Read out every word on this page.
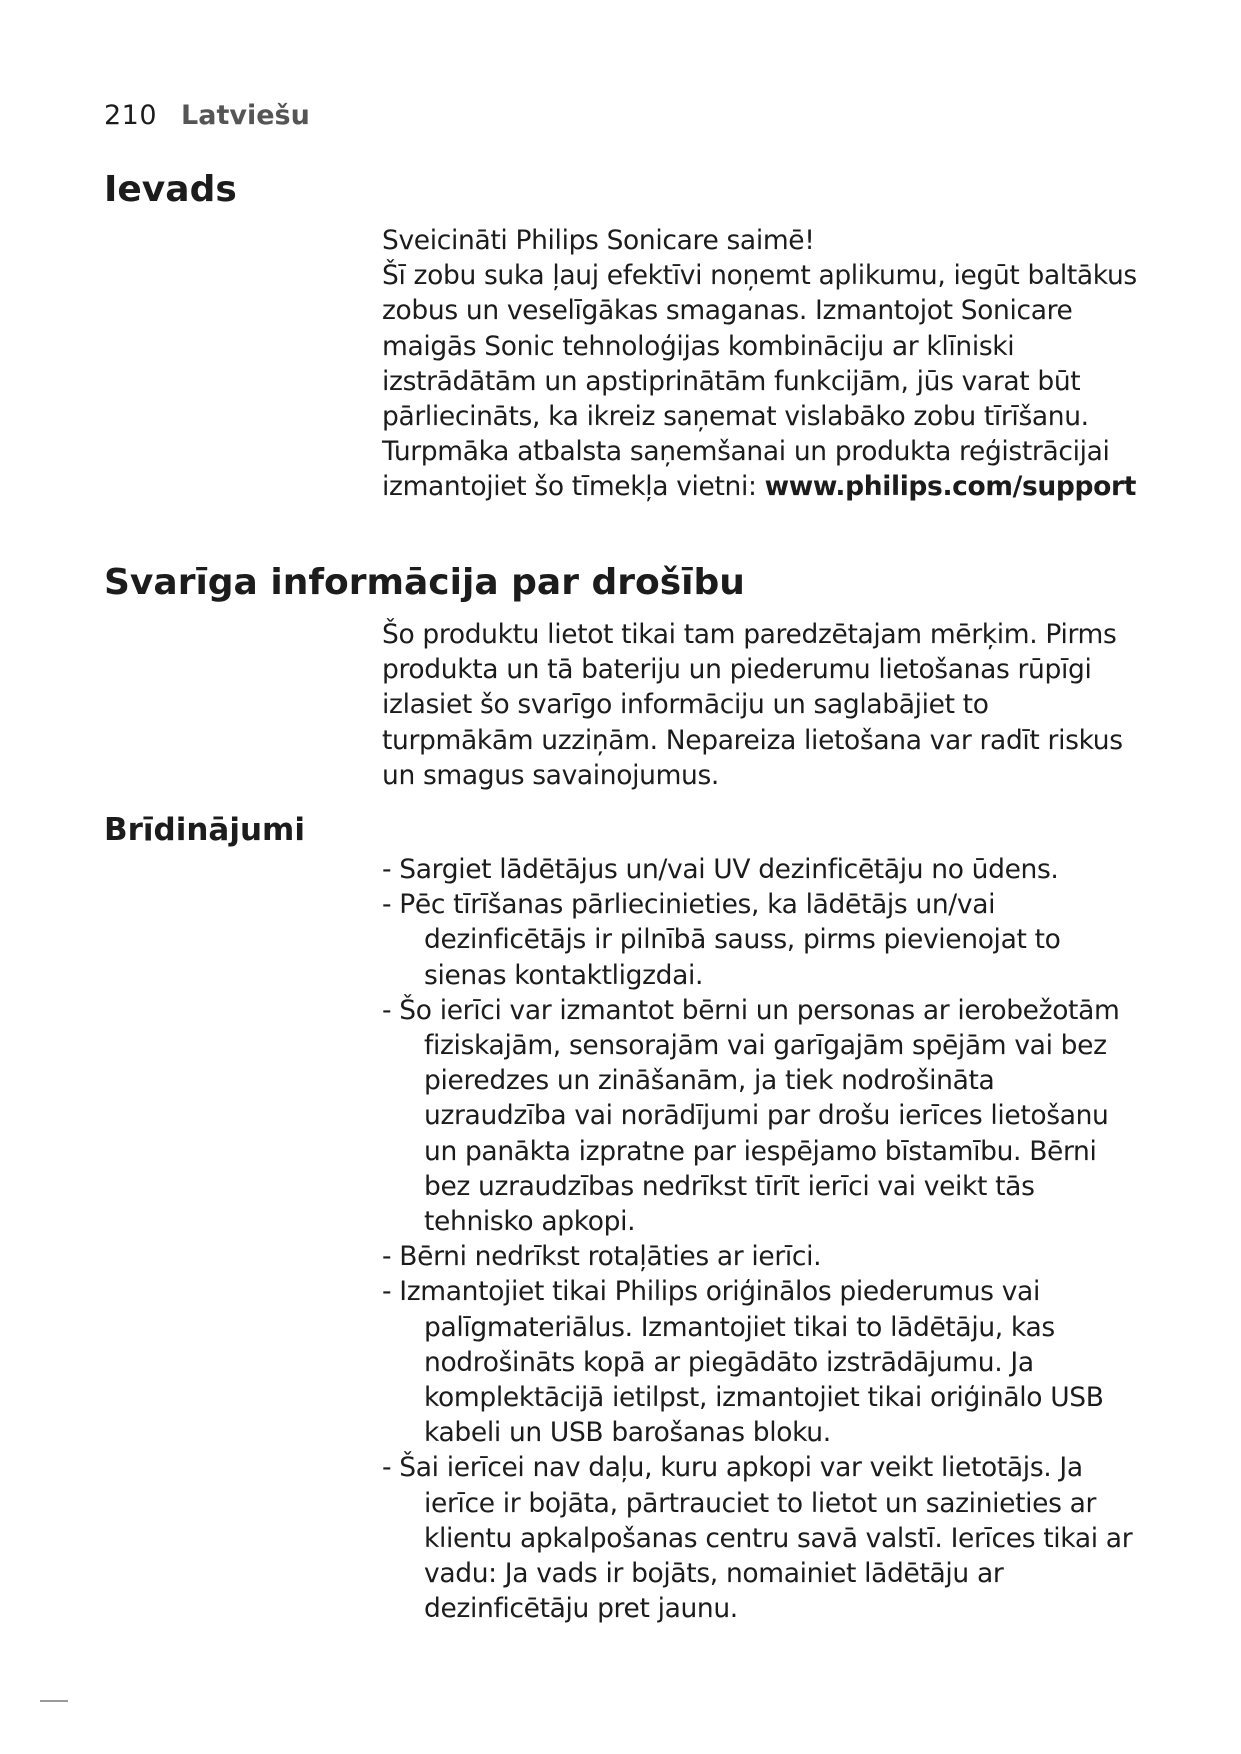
210 Latviešu
Ievads

Sveicināti Philips Sonicare saimē!

Šī zobu suka ļauj efektīvi noņemt aplikumu, iegūt baltākus zobus un veselīgākas smaganas. Izmantojot Sonicare maigās Sonic tehnoloģijas kombināciju ar klīniski izstrādātām un apstiprinātām funkcijām, jūs varat būt pārliecināts, ka ikreiz saņemat vislabāko zobu tīrīšanu.

Turpmāka atbalsta saņemšanai un produkta reģistrācijai izmantojiet šo tīmekļa vietni: www.philips.com/support

Svarīga informācija par drošību

Šo produktu lietot tikai tam paredzētajam mērķim. Pirms produkta un tā bateriju un piederumu lietošanas rūpīgi izlasiet šo svarīgo informāciju un saglabājiet to turpmākām uzziņām. Nepareiza lietošana var radīt riskus un smagus savainojumus.

Brīdinājumi
- Sargiet lādētājus un/vai UV dezinficētāju no ūdens.
- Pēc tīrīšanas pārliecinieties, ka lādētājs un/vai dezinficētājs ir pilnībā sauss, pirms pievienojat to sienas kontaktligzdai.
- Šo ierīci var izmantot bērni un personas ar ierobežotām fiziskajām, sensorajām vai garīgajām spējām vai bez pieredzes un zināšanām, ja tiek nodrošināta uzraudzība vai norādījumi par drošu ierīces lietošanu un panākta izpratne par iespējamo bīstamību. Bērni bez uzraudzības nedrīkst tīrīt ierīci vai veikt tās tehnisko apkopi.
- Bērni nedrīkst rotaļāties ar ierīci.
- Izmantojiet tikai Philips oriģinālos piederumus vai palīgmateriālus. Izmantojiet tikai to lādētāju, kas nodrošināts kopā ar piegādāto izstrādājumu. Ja komplektācijā ietilpst, izmantojiet tikai oriģinālo USB kabeli un USB barošanas bloku.
- Šai ierīcei nav daļu, kuru apkopi var veikt lietotājs. Ja ierīce ir bojāta, pārtrauciet to lietot un sazinieties ar klientu apkalpošanas centru savā valstī. Ierīces tikai ar vadu: Ja vads ir bojāts, nomainiet lādētāju ar dezinficētāju pret jaunu.
